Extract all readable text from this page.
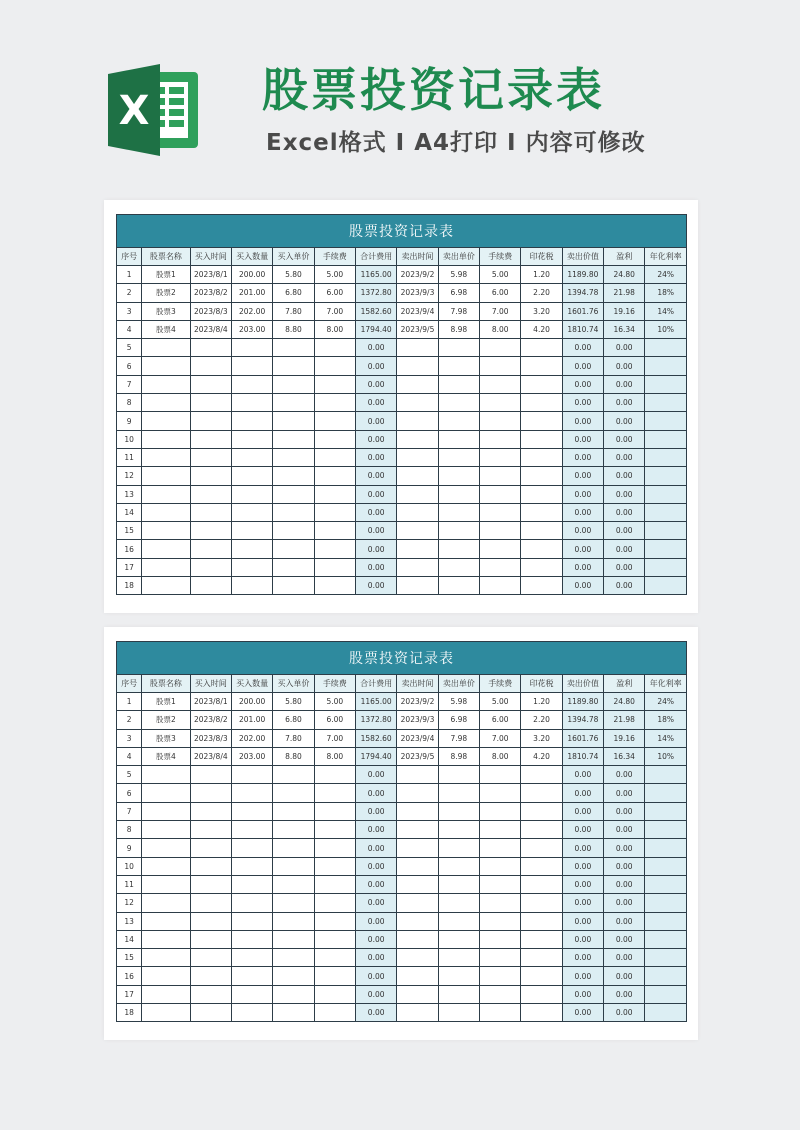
X 股票投资记录表
Excel格式 I A4打印 I 内容可修改
股票投资记录表													
序号	股票名称	买入时间	买入数量	买入单价	手续费	合计费用	卖出时间	卖出单价	手续费	印花税	卖出价值	盈利	年化利率
1	股票1	2023/8/1	200.00	5.80	5.00	1165.00	2023/9/2	5.98	5.00	1.20	1189.80	24.80	24%
2	股票2	2023/8/2	201.00	6.80	6.00	1372.80	2023/9/3	6.98	6.00	2.20	1394.78	21.98	18%
3	股票3	2023/8/3	202.00	7.80	7.00	1582.60	2023/9/4	7.98	7.00	3.20	1601.76	19.16	14%
4	股票4	2023/8/4	203.00	8.80	8.00	1794.40	2023/9/5	8.98	8.00	4.20	1810.74	16.34	10%
5						0.00					0.00	0.00	
6						0.00					0.00	0.00	
7						0.00					0.00	0.00	
8						0.00					0.00	0.00	
9						0.00					0.00	0.00	
10						0.00					0.00	0.00	
11						0.00					0.00	0.00	
12						0.00					0.00	0.00	
13						0.00					0.00	0.00	
14						0.00					0.00	0.00	
15						0.00					0.00	0.00	
16						0.00					0.00	0.00	
17						0.00					0.00	0.00	
18						0.00					0.00	0.00	
股票投资记录表													
序号	股票名称	买入时间	买入数量	买入单价	手续费	合计费用	卖出时间	卖出单价	手续费	印花税	卖出价值	盈利	年化利率
1	股票1	2023/8/1	200.00	5.80	5.00	1165.00	2023/9/2	5.98	5.00	1.20	1189.80	24.80	24%
2	股票2	2023/8/2	201.00	6.80	6.00	1372.80	2023/9/3	6.98	6.00	2.20	1394.78	21.98	18%
3	股票3	2023/8/3	202.00	7.80	7.00	1582.60	2023/9/4	7.98	7.00	3.20	1601.76	19.16	14%
4	股票4	2023/8/4	203.00	8.80	8.00	1794.40	2023/9/5	8.98	8.00	4.20	1810.74	16.34	10%
5						0.00					0.00	0.00	
6						0.00					0.00	0.00	
7						0.00					0.00	0.00	
8						0.00					0.00	0.00	
9						0.00					0.00	0.00	
10						0.00					0.00	0.00	
11						0.00					0.00	0.00	
12						0.00					0.00	0.00	
13						0.00					0.00	0.00	
14						0.00					0.00	0.00	
15						0.00					0.00	0.00	
16						0.00					0.00	0.00	
17						0.00					0.00	0.00	
18						0.00					0.00	0.00	
